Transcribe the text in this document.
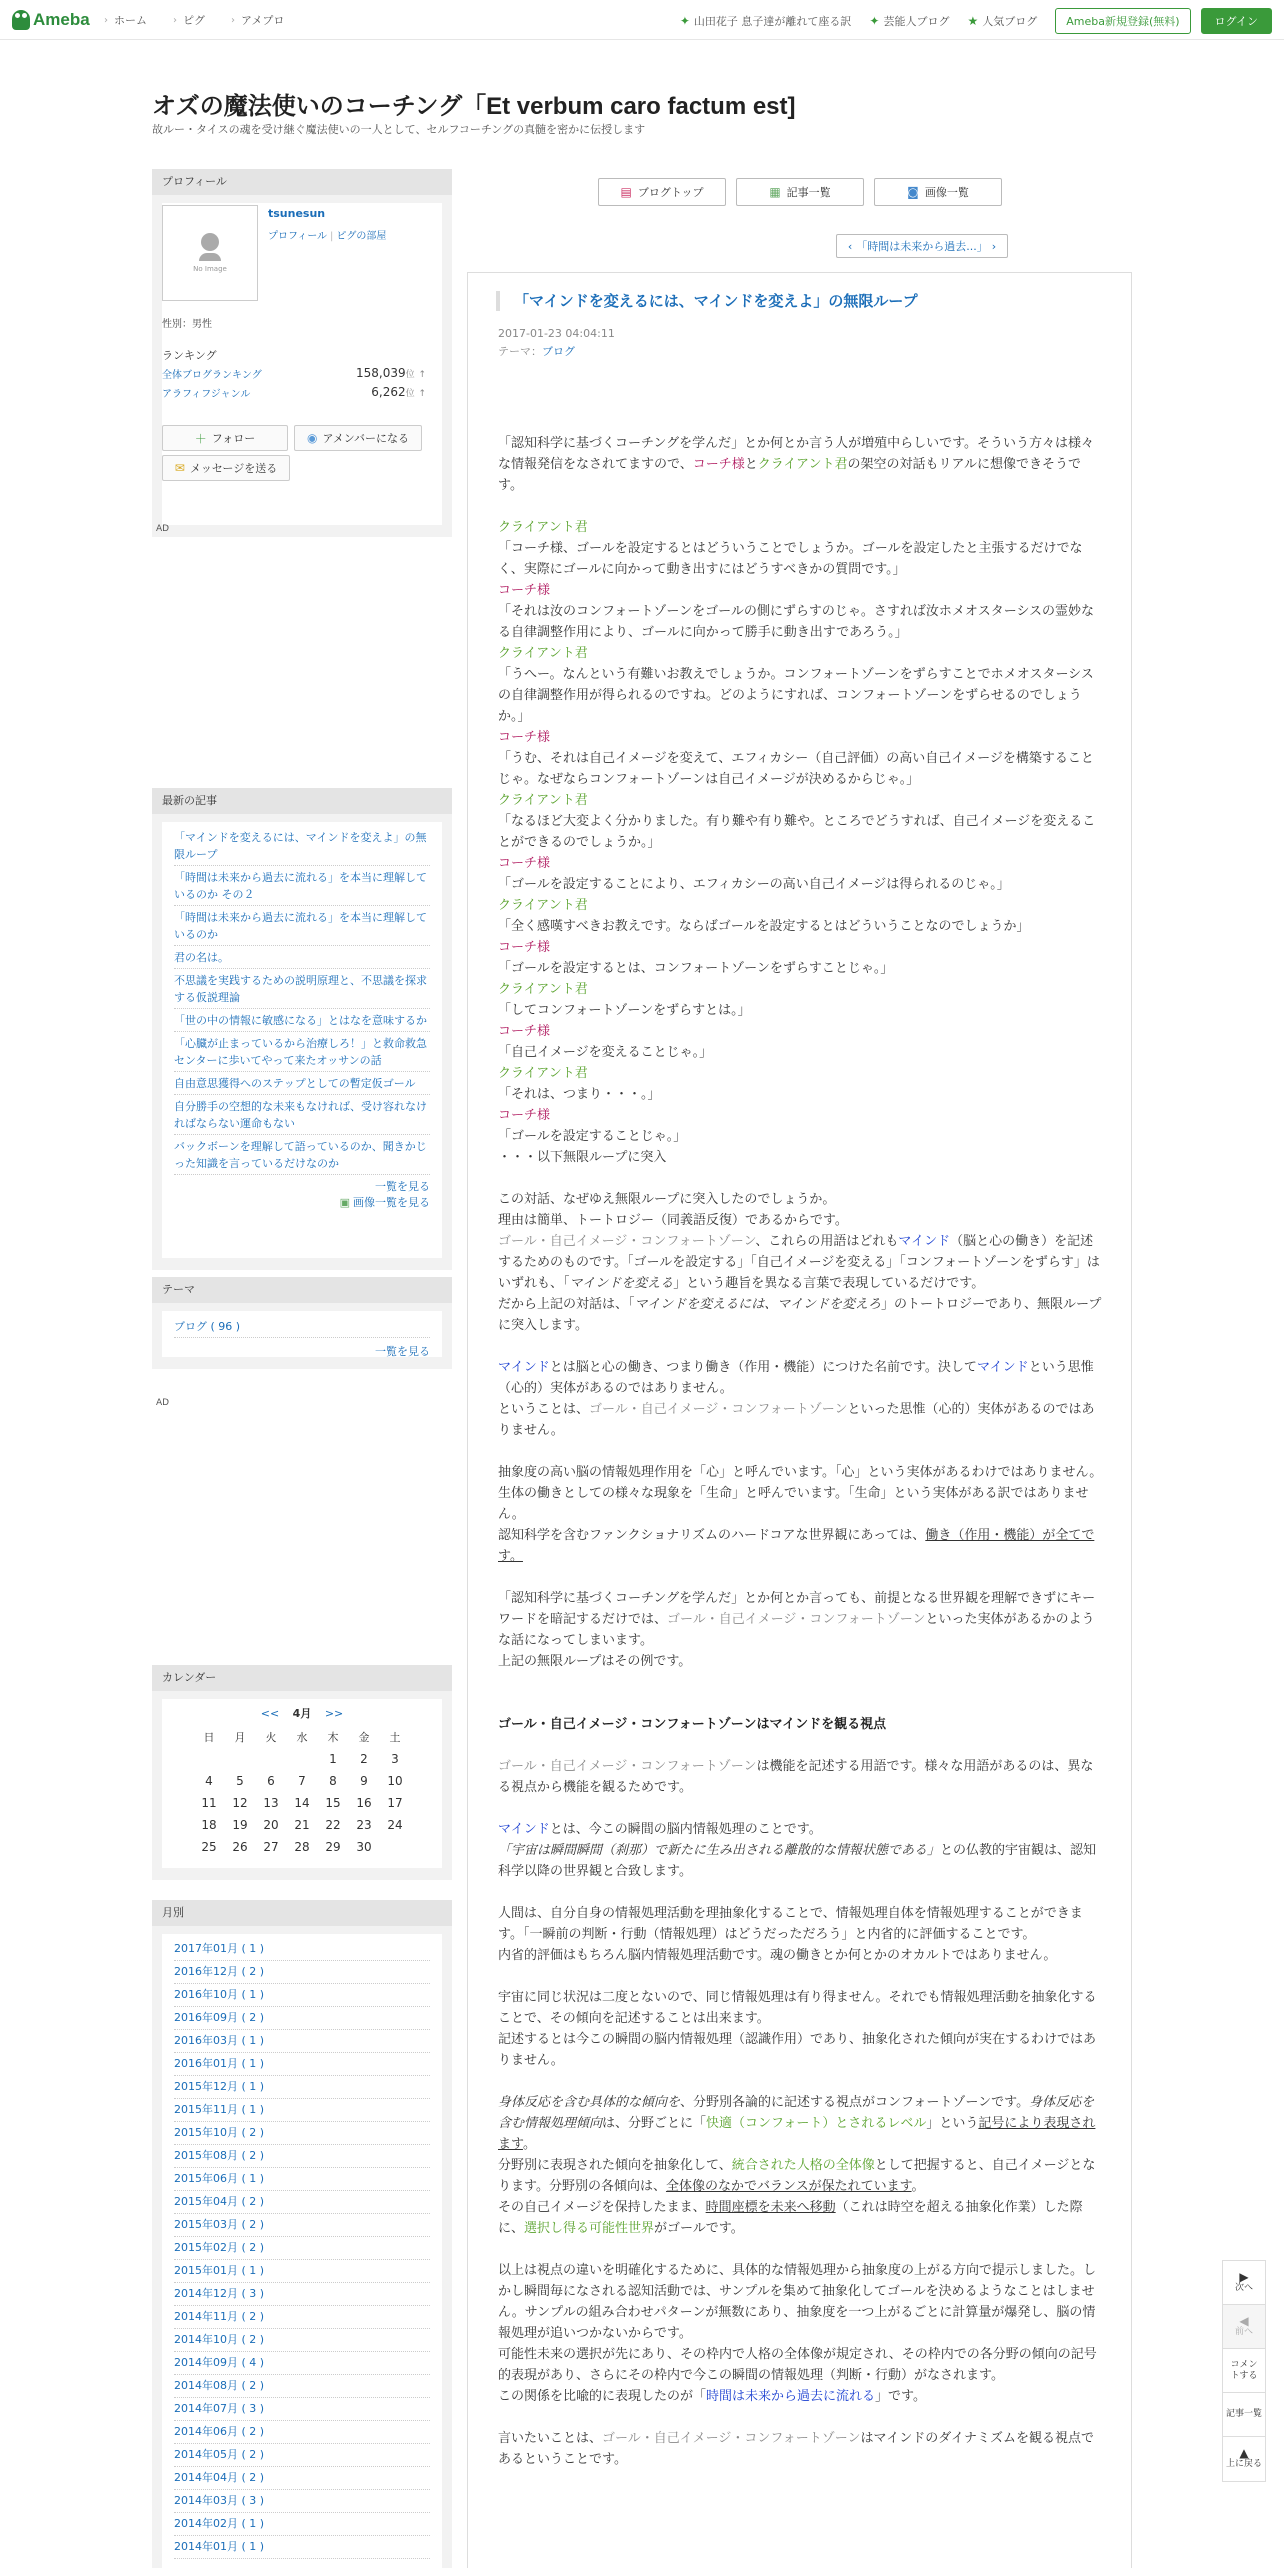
Ameba › ホーム	› ピグ	› アメプロ	✦ 山田花子 息子達が離れて座る訳 ✦ 芸能人ブログ ★ 人気ブログ	Ameba新規登録(無料)	ログイン
オズの魔法使いのコーチング「Et verbum caro factum est]
故ルー・タイスの魂を受け継ぐ魔法使いの一人として、セルフコーチングの真髄を密かに伝授します
プロフィール
No Image
tsunesun
プロフィール | ピグの部屋
性別：男性
ランキング
全体ブログランキング	158,039位 ↑
アラフィフジャンル	6,262位 ↑
＋ フォロー	◉ アメンバーになる
✉ メッセージを送る
AD
最新の記事
「マインドを変えるには、マインドを変えよ」の無限ループ
「時間は未来から過去に流れる」を本当に理解しているのか その２
「時間は未来から過去に流れる」を本当に理解しているのか
君の名は。
不思議を実践するための説明原理と、不思議を探求する仮説理論
「世の中の情報に敏感になる」とはなを意味するか
「心臓が止まっているから治療しろ！」と救命救急センターに歩いてやって来たオッサンの話
自由意思獲得へのステップとしての暫定仮ゴール
自分勝手の空想的な未来もなければ、受け容れなければならない運命もない
バックボーンを理解して語っているのか、聞きかじった知識を言っているだけなのか
一覧を見る
▣ 画像一覧を見る
テーマ
ブログ ( 96 )
一覧を見る
AD
カレンダー
<< 4月 >>
日	月	火	水	木	金	土
				1	2	3
4	5	6	7	8	9	10
11	12	13	14	15	16	17
18	19	20	21	22	23	24
25	26	27	28	29	30	
月別
2017年01月 ( 1 )
2016年12月 ( 2 )
2016年10月 ( 1 )
2016年09月 ( 2 )
2016年03月 ( 1 )
2016年01月 ( 1 )
2015年12月 ( 1 )
2015年11月 ( 1 )
2015年10月 ( 2 )
2015年08月 ( 2 )
2015年06月 ( 1 )
2015年04月 ( 2 )
2015年03月 ( 2 )
2015年02月 ( 2 )
2015年01月 ( 1 )
2014年12月 ( 3 )
2014年11月 ( 2 )
2014年10月 ( 2 )
2014年09月 ( 4 )
2014年08月 ( 2 )
2014年07月 ( 3 )
2014年06月 ( 2 )
2014年05月 ( 2 )
2014年04月 ( 2 )
2014年03月 ( 3 )
2014年02月 ( 1 )
2014年01月 ( 1 )
▤ ブログトップ	▦ 記事一覧	◙ 画像一覧
‹ 「時間は未来から過去...」 ›
「マインドを変えるには、マインドを変えよ」の無限ループ
2017-01-23 04:04:11
テーマ：ブログ

「認知科学に基づくコーチングを学んだ」とか何とか言う人が増殖中らしいです。そういう方々は様々な情報発信をなされてますので、コーチ様とクライアント君の架空の対話もリアルに想像できそうです。

クライアント君

「コーチ様、ゴールを設定するとはどういうことでしょうか。ゴールを設定したと主張するだけでなく、実際にゴールに向かって動き出すにはどうすべきかの質問です。」

コーチ様

「それは汝のコンフォートゾーンをゴールの側にずらすのじゃ。さすれば汝ホメオスターシスの霊妙なる自律調整作用により、ゴールに向かって勝手に動き出すであろう。」

クライアント君

「うへー。なんという有難いお教えでしょうか。コンフォートゾーンをずらすことでホメオスターシスの自律調整作用が得られるのですね。どのようにすれば、コンフォートゾーンをずらせるのでしょうか。」

コーチ様

「うむ、それは自己イメージを変えて、エフィカシー（自己評価）の高い自己イメージを構築することじゃ。なぜならコンフォートゾーンは自己イメージが決めるからじゃ。」

クライアント君

「なるほど大変よく分かりました。有り難や有り難や。ところでどうすれば、自己イメージを変えることができるのでしょうか。」

コーチ様

「ゴールを設定することにより、エフィカシーの高い自己イメージは得られるのじゃ。」

クライアント君

「全く感嘆すべきお教えです。ならばゴールを設定するとはどういうことなのでしょうか」

コーチ様

「ゴールを設定するとは、コンフォートゾーンをずらすことじゃ。」

クライアント君

「してコンフォートゾーンをずらすとは。」

コーチ様

「自己イメージを変えることじゃ。」

クライアント君

「それは、つまり・・・。」

コーチ様

「ゴールを設定することじゃ。」

・・・以下無限ループに突入

この対話、なぜゆえ無限ループに突入したのでしょうか。

理由は簡単、トートロジー（同義語反復）であるからです。

ゴール・自己イメージ・コンフォートゾーン、これらの用語はどれもマインド（脳と心の働き）を記述するためのものです。「ゴールを設定する」「自己イメージを変える」「コンフォートゾーンをずらす」はいずれも、「マインドを変える」という趣旨を異なる言葉で表現しているだけです。

だから上記の対話は、「マインドを変えるには、マインドを変えろ」のトートロジーであり、無限ループに突入します。

マインドとは脳と心の働き、つまり働き（作用・機能）につけた名前です。決してマインドという思惟（心的）実体があるのではありません。

ということは、ゴール・自己イメージ・コンフォートゾーンといった思惟（心的）実体があるのではありません。

抽象度の高い脳の情報処理作用を「心」と呼んでいます。「心」という実体があるわけではありません。

生体の働きとしての様々な現象を「生命」と呼んでいます。「生命」という実体がある訳ではありません。

認知科学を含むファンクショナリズムのハードコアな世界観にあっては、働き（作用・機能）が全てです。

「認知科学に基づくコーチングを学んだ」とか何とか言っても、前提となる世界観を理解できずにキーワードを暗記するだけでは、ゴール・自己イメージ・コンフォートゾーンといった実体があるかのような話になってしまいます。

上記の無限ループはその例です。

ゴール・自己イメージ・コンフォートゾーンはマインドを観る視点

ゴール・自己イメージ・コンフォートゾーンは機能を記述する用語です。様々な用語があるのは、異なる視点から機能を観るためです。

マインドとは、今この瞬間の脳内情報処理のことです。

「宇宙は瞬間瞬間（刹那）で新たに生み出される離散的な情報状態である」との仏教的宇宙観は、認知科学以降の世界観と合致します。

人間は、自分自身の情報処理活動を理抽象化することで、情報処理自体を情報処理することができます。「一瞬前の判断・行動（情報処理）はどうだっただろう」と内省的に評価することです。

内省的評価はもちろん脳内情報処理活動です。魂の働きとか何とかのオカルトではありません。

宇宙に同じ状況は二度とないので、同じ情報処理は有り得ません。それでも情報処理活動を抽象化することで、その傾向を記述することは出来ます。

記述するとは今この瞬間の脳内情報処理（認識作用）であり、抽象化された傾向が実在するわけではありません。

身体反応を含む具体的な傾向を、分野別各論的に記述する視点がコンフォートゾーンです。身体反応を含む情報処理傾向は、分野ごとに「快適（コンフォート）とされるレベル」という記号により表現されます。

分野別に表現された傾向を抽象化して、統合された人格の全体像として把握すると、自己イメージとなります。分野別の各傾向は、全体像のなかでバランスが保たれています。

その自己イメージを保持したまま、時間座標を未来へ移動（これは時空を超える抽象化作業）した際に、選択し得る可能性世界がゴールです。

以上は視点の違いを明確化するために、具体的な情報処理から抽象度の上がる方向で提示しました。しかし瞬間毎になされる認知活動では、サンプルを集めて抽象化してゴールを決めるようなことはしません。サンプルの組み合わせパターンが無数にあり、抽象度を一つ上がるごとに計算量が爆発し、脳の情報処理が追いつかないからです。

可能性未来の選択が先にあり、その枠内で人格の全体像が規定され、その枠内での各分野の傾向の記号的表現があり、さらにその枠内で今この瞬間の情報処理（判断・行動）がなされます。

この関係を比喩的に表現したのが「時間は未来から過去に流れる」です。

言いたいことは、ゴール・自己イメージ・コンフォートゾーンはマインドのダイナミズムを観る視点であるということです。

▶
次へ
◀
前へ
コメントする
記事一覧
▲
上に戻る
